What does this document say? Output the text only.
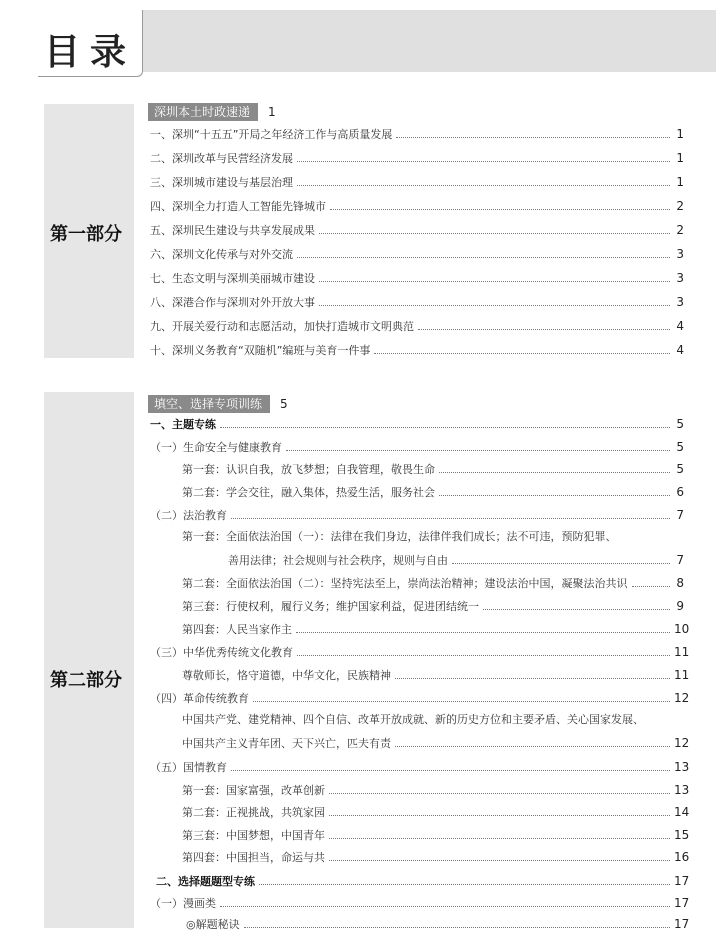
目录
第一部分
深圳本土时政速递	1
一、深圳“十五五”开局之年经济工作与高质量发展	1
二、深圳改革与民营经济发展	1
三、深圳城市建设与基层治理	1
四、深圳全力打造人工智能先锋城市	2
五、深圳民生建设与共享发展成果	2
六、深圳文化传承与对外交流	3
七、生态文明与深圳美丽城市建设	3
八、深港合作与深圳对外开放大事	3
九、开展关爱行动和志愿活动，加快打造城市文明典范	4
十、深圳义务教育“双随机”编班与美育一件事	4
第二部分
填空、选择专项训练	5
一、主题专练	5
（一）生命安全与健康教育	5
第一套：认识自我，放飞梦想；自我管理，敬畏生命	5
第二套：学会交往，融入集体，热爱生活，服务社会	6
（二）法治教育	7
第一套：全面依法治国（一）：法律在我们身边，法律伴我们成长；法不可违，预防犯罪、
善用法律；社会规则与社会秩序，规则与自由	7
第二套：全面依法治国（二）：坚持宪法至上，崇尚法治精神；建设法治中国，凝聚法治共识	8
第三套：行使权利，履行义务；维护国家利益，促进团结统一	9
第四套：人民当家作主	10
（三）中华优秀传统文化教育	11
尊敬师长，恪守道德，中华文化，民族精神	11
（四）革命传统教育	12
中国共产党、建党精神、四个自信、改革开放成就、新的历史方位和主要矛盾、关心国家发展、
中国共产主义青年团、天下兴亡，匹夫有责	12
（五）国情教育	13
第一套：国家富强，改革创新	13
第二套：正视挑战，共筑家园	14
第三套：中国梦想，中国青年	15
第四套：中国担当，命运与共	16
二、选择题题型专练	17
（一）漫画类	17
◎解题秘诀	17
